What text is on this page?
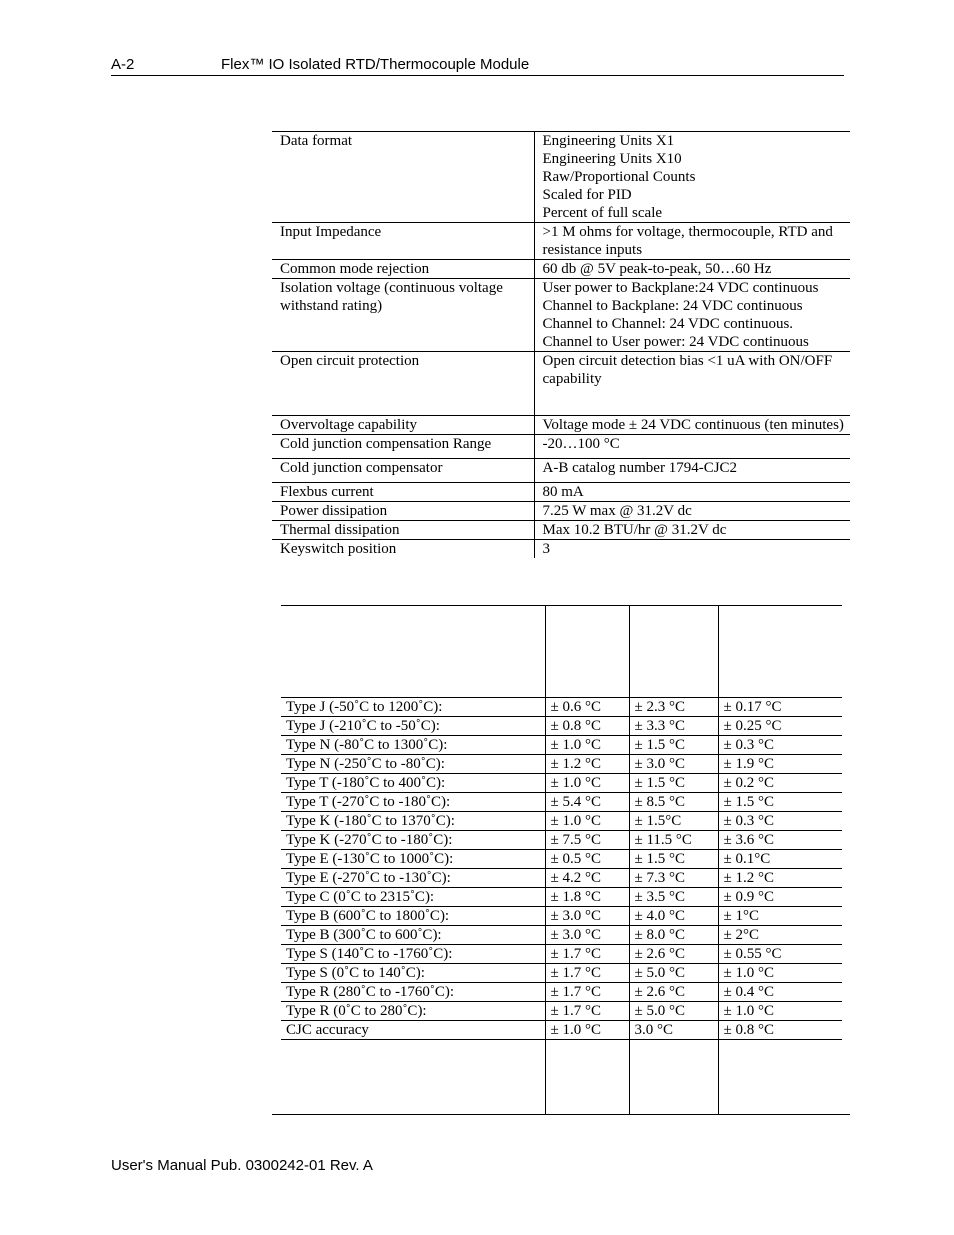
A-2	Flex™ IO Isolated RTD/Thermocouple Module
Data format	Engineering Units X1
Engineering Units X10
Raw/Proportional Counts
Scaled for PID
Percent of full scale
Input Impedance	>1 M ohms for voltage, thermocouple, RTD and resistance inputs
Common mode rejection	60 db @ 5V peak-to-peak, 50…60 Hz
Isolation voltage (continuous voltage withstand rating)	User power to Backplane:24 VDC continuous
Channel to Backplane: 24 VDC continuous
Channel to Channel: 24 VDC continuous.
Channel to User power: 24 VDC continuous
Open circuit protection	Open circuit detection bias <1 uA with ON/OFF capability
Overvoltage capability	Voltage mode ± 24 VDC continuous (ten minutes)
Cold junction compensation Range	-20…100 °C
Cold junction compensator	A-B catalog number 1794-CJC2
Flexbus current	80 mA
Power dissipation	7.25 W max @ 31.2V dc
Thermal dissipation	Max 10.2 BTU/hr @ 31.2V dc
Keyswitch position	3
Type J (-50˚C to 1200˚C):	± 0.6 °C	± 2.3 °C	± 0.17 °C
Type J (-210˚C to -50˚C):	± 0.8 °C	± 3.3 °C	± 0.25 °C
Type N (-80˚C to 1300˚C):	± 1.0 °C	± 1.5 °C	± 0.3 °C
Type N (-250˚C to -80˚C):	± 1.2 °C	± 3.0 °C	± 1.9 °C
Type T (-180˚C to 400˚C):	± 1.0 °C	± 1.5 °C	± 0.2 °C
Type T (-270˚C to -180˚C):	± 5.4 °C	± 8.5 °C	± 1.5 °C
Type K (-180˚C to 1370˚C):	± 1.0 °C	± 1.5°C	± 0.3 °C
Type K (-270˚C to -180˚C):	± 7.5 °C	± 11.5 °C	± 3.6 °C
Type E (-130˚C to 1000˚C):	± 0.5 °C	± 1.5 °C	± 0.1°C
Type E (-270˚C to -130˚C):	± 4.2 °C	± 7.3 °C	± 1.2 °C
Type C (0˚C to 2315˚C):	± 1.8 °C	± 3.5 °C	± 0.9 °C
Type B (600˚C to 1800˚C):	± 3.0 °C	± 4.0 °C	± 1°C
Type B (300˚C to 600˚C):	± 3.0 °C	± 8.0 °C	± 2°C
Type S (140˚C to -1760˚C):	± 1.7 °C	± 2.6 °C	± 0.55 °C
Type S (0˚C to 140˚C):	± 1.7 °C	± 5.0 °C	± 1.0 °C
Type R (280˚C to -1760˚C):	± 1.7 °C	± 2.6 °C	± 0.4 °C
Type R (0˚C to 280˚C):	± 1.7 °C	± 5.0 °C	± 1.0 °C
CJC accuracy	± 1.0 °C	3.0 °C	± 0.8 °C
User's Manual Pub. 0300242-01 Rev. A
